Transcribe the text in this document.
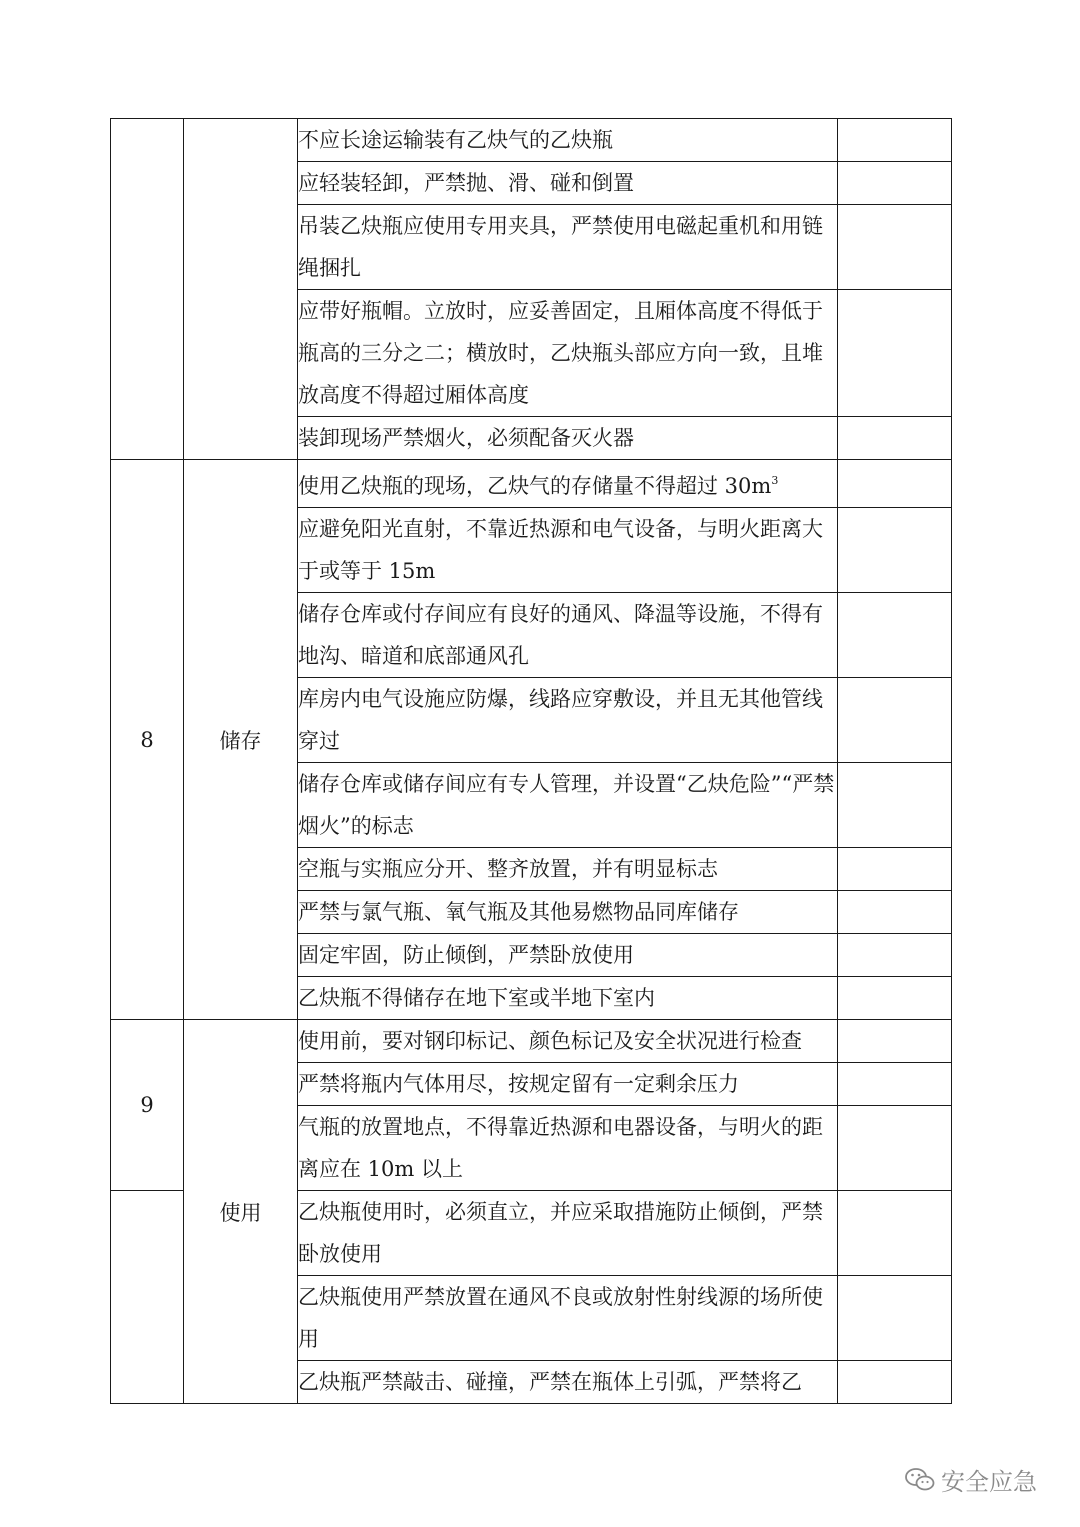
		不应长途运输装有乙炔气的乙炔瓶	
		应轻装轻卸，严禁抛、滑、碰和倒置	
		吊装乙炔瓶应使用专用夹具，严禁使用电磁起重机和用链绳捆扎	
		应带好瓶帽。立放时，应妥善固定，且厢体高度不得低于瓶高的三分之二；横放时，乙炔瓶头部应方向一致，且堆放高度不得超过厢体高度	
		装卸现场严禁烟火，必须配备灭火器	
8	储存	使用乙炔瓶的现场，乙炔气的存储量不得超过 $30m^3$	
		应避免阳光直射，不靠近热源和电气设备，与明火距离大于或等于 15m	
		储存仓库或付存间应有良好的通风、降温等设施，不得有地沟、暗道和底部通风孔	
		库房内电气设施应防爆，线路应穿敷设，并且无其他管线穿过	
		储存仓库或储存间应有专人管理，并设置“乙炔危险”“严禁烟火”的标志	
		空瓶与实瓶应分开、整齐放置，并有明显标志	
		严禁与氯气瓶、氧气瓶及其他易燃物品同库储存	
		固定牢固，防止倾倒，严禁卧放使用	
		乙炔瓶不得储存在地下室或半地下室内	
9	使用	使用前，要对钢印标记、颜色标记及安全状况进行检查	
		严禁将瓶内气体用尽，按规定留有一定剩余压力	
		气瓶的放置地点，不得靠近热源和电器设备，与明火的距离应在 10m 以上	
		乙炔瓶使用时，必须直立，并应采取措施防止倾倒，严禁卧放使用	
		乙炔瓶使用严禁放置在通风不良或放射性射线源的场所使用	
		乙炔瓶严禁敲击、碰撞，严禁在瓶体上引弧，严禁将乙	
安全应急
